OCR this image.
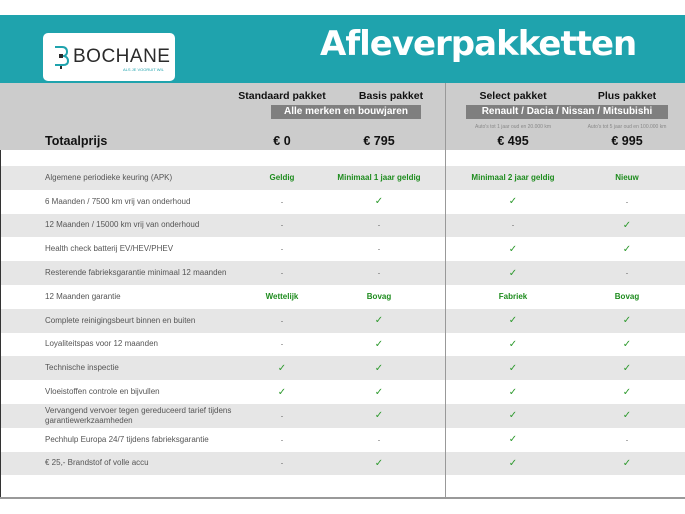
BOCHANE
ALS JE VOORUIT WIL
Afleverpakketten
Standaard pakket	Basis pakket	Select pakket	Plus pakket
Alle merken en bouwjaren	Renault / Dacia / Nissan / Mitsubishi
Auto's tot 1 jaar oud en 20.000 km	Auto's tot 5 jaar oud en 100.000 km
Totaalprijs	€ 0	€ 795	€ 495	€ 995
Algemene periodieke keuring (APK)	Geldig	Minimaal 1 jaar geldig	Minimaal 2 jaar geldig	Nieuw
6 Maanden / 7500 km vrij van onderhoud	·	✓	✓	·
12 Maanden / 15000 km vrij van onderhoud	·	·	·	✓
Health check batterij EV/HEV/PHEV	·	·	✓	✓
Resterende fabrieksgarantie minimaal 12 maanden	·	·	✓	·
12 Maanden garantie	Wettelijk	Bovag	Fabriek	Bovag
Complete reinigingsbeurt binnen en buiten	·	✓	✓	✓
Loyaliteitspas voor 12 maanden	·	✓	✓	✓
Technische inspectie	✓	✓	✓	✓
Vloeistoffen controle en bijvullen	✓	✓	✓	✓
Vervangend vervoer tegen gereduceerd tarief tijdens garantiewerkzaamheden	·	✓	✓	✓
Pechhulp Europa 24/7 tijdens fabrieksgarantie	·	·	✓	·
€ 25,- Brandstof of volle accu	·	✓	✓	✓
